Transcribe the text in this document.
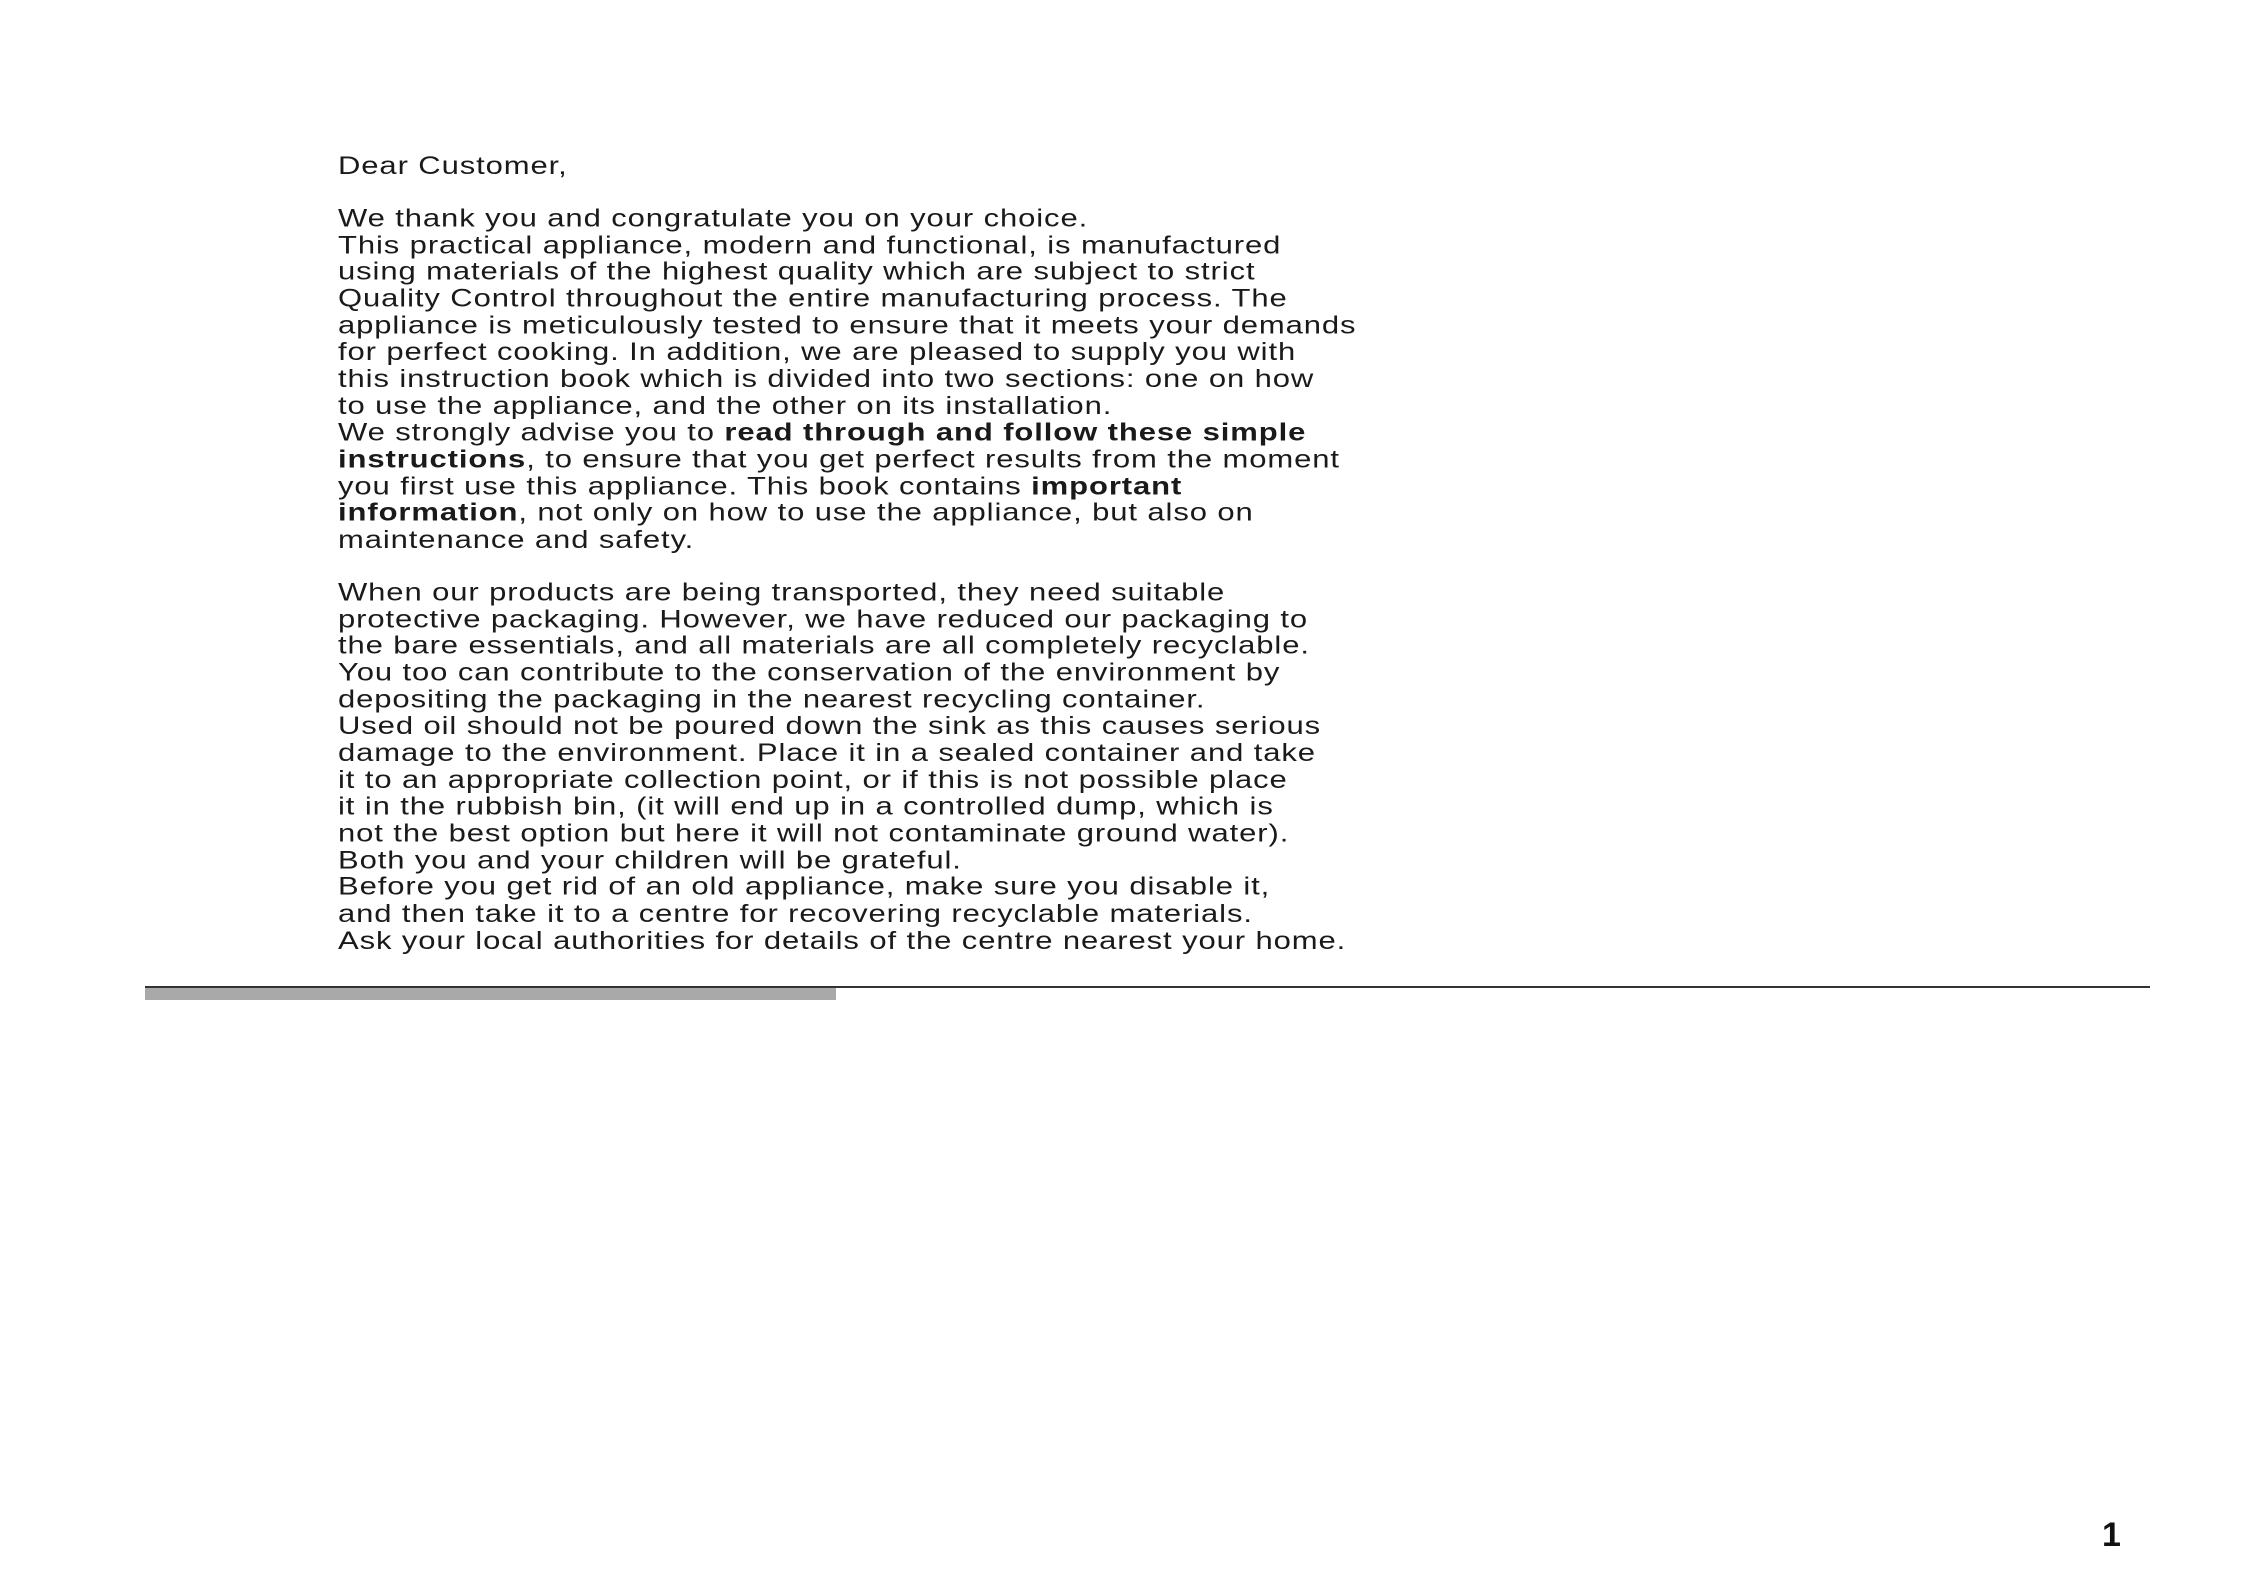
Dear Customer,

We thank you and congratulate you on your choice.
This practical appliance, modern and functional, is manufactured
using materials of the highest quality which are subject to strict
Quality Control throughout the entire manufacturing process. The
appliance is meticulously tested to ensure that it meets your demands
for perfect cooking. In addition, we are pleased to supply you with
this instruction book which is divided into two sections: one on how
to use the appliance, and the other on its installation.
We strongly advise you to read through and follow these simple
instructions, to ensure that you get perfect results from the moment
you first use this appliance. This book contains important
information, not only on how to use the appliance, but also on
maintenance and safety.

When our products are being transported, they need suitable
protective packaging. However, we have reduced our packaging to
the bare essentials, and all materials are all completely recyclable.
You too can contribute to the conservation of the environment by
depositing the packaging in the nearest recycling container.
Used oil should not be poured down the sink as this causes serious
damage to the environment. Place it in a sealed container and take
it to an appropriate collection point, or if this is not possible place
it in the rubbish bin, (it will end up in a controlled dump, which is
not the best option but here it will not contaminate ground water).
Both you and your children will be grateful.
Before you get rid of an old appliance, make sure you disable it,
and then take it to a centre for recovering recyclable materials.
Ask your local authorities for details of the centre nearest your home.

1
